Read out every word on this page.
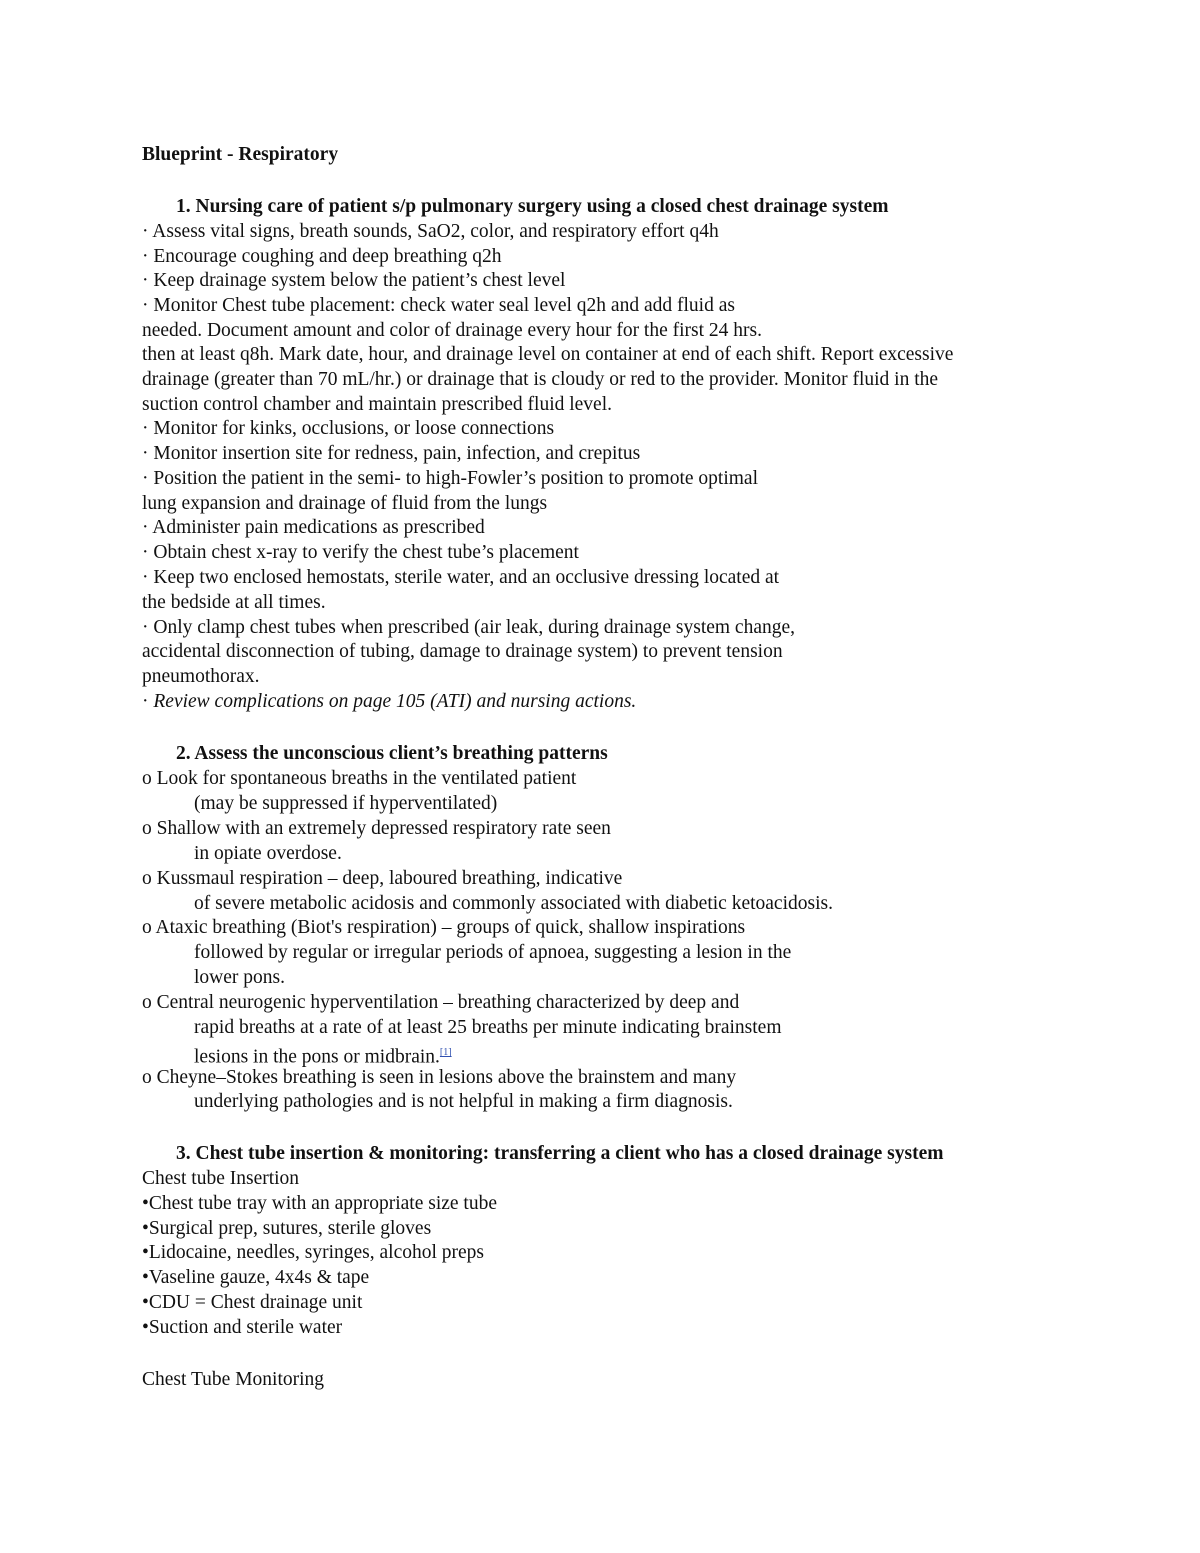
Blueprint - Respiratory
1. Nursing care of patient s/p pulmonary surgery using a closed chest drainage system
· Assess vital signs, breath sounds, SaO2, color, and respiratory effort q4h
· Encourage coughing and deep breathing q2h
· Keep drainage system below the patient’s chest level
· Monitor Chest tube placement: check water seal level q2h and add fluid as
needed. Document amount and color of drainage every hour for the first 24 hrs.
then at least q8h. Mark date, hour, and drainage level on container at end of each shift. Report excessive
drainage (greater than 70 mL/hr.) or drainage that is cloudy or red to the provider. Monitor fluid in the
suction control chamber and maintain prescribed fluid level.
· Monitor for kinks, occlusions, or loose connections
· Monitor insertion site for redness, pain, infection, and crepitus
· Position the patient in the semi- to high-Fowler’s position to promote optimal
lung expansion and drainage of fluid from the lungs
· Administer pain medications as prescribed
· Obtain chest x-ray to verify the chest tube’s placement
· Keep two enclosed hemostats, sterile water, and an occlusive dressing located at
the bedside at all times.
· Only clamp chest tubes when prescribed (air leak, during drainage system change,
accidental disconnection of tubing, damage to drainage system) to prevent tension
pneumothorax.
· Review complications on page 105 (ATI) and nursing actions.
2. Assess the unconscious client’s breathing patterns
o Look for spontaneous breaths in the ventilated patient
(may be suppressed if hyperventilated)
o Shallow with an extremely depressed respiratory rate seen
in opiate overdose.
o Kussmaul respiration – deep, laboured breathing, indicative
of severe metabolic acidosis and commonly associated with diabetic ketoacidosis.
o Ataxic breathing (Biot's respiration) – groups of quick, shallow inspirations
followed by regular or irregular periods of apnoea, suggesting a lesion in the
lower pons.
o Central neurogenic hyperventilation – breathing characterized by deep and
rapid breaths at a rate of at least 25 breaths per minute indicating brainstem
lesions in the pons or midbrain.[1]
o Cheyne–Stokes breathing is seen in lesions above the brainstem and many
underlying pathologies and is not helpful in making a firm diagnosis.
3. Chest tube insertion & monitoring: transferring a client who has a closed drainage system
Chest tube Insertion
•Chest tube tray with an appropriate size tube
•Surgical prep, sutures, sterile gloves
•Lidocaine, needles, syringes, alcohol preps
•Vaseline gauze, 4x4s & tape
•CDU = Chest drainage unit
•Suction and sterile water
Chest Tube Monitoring
